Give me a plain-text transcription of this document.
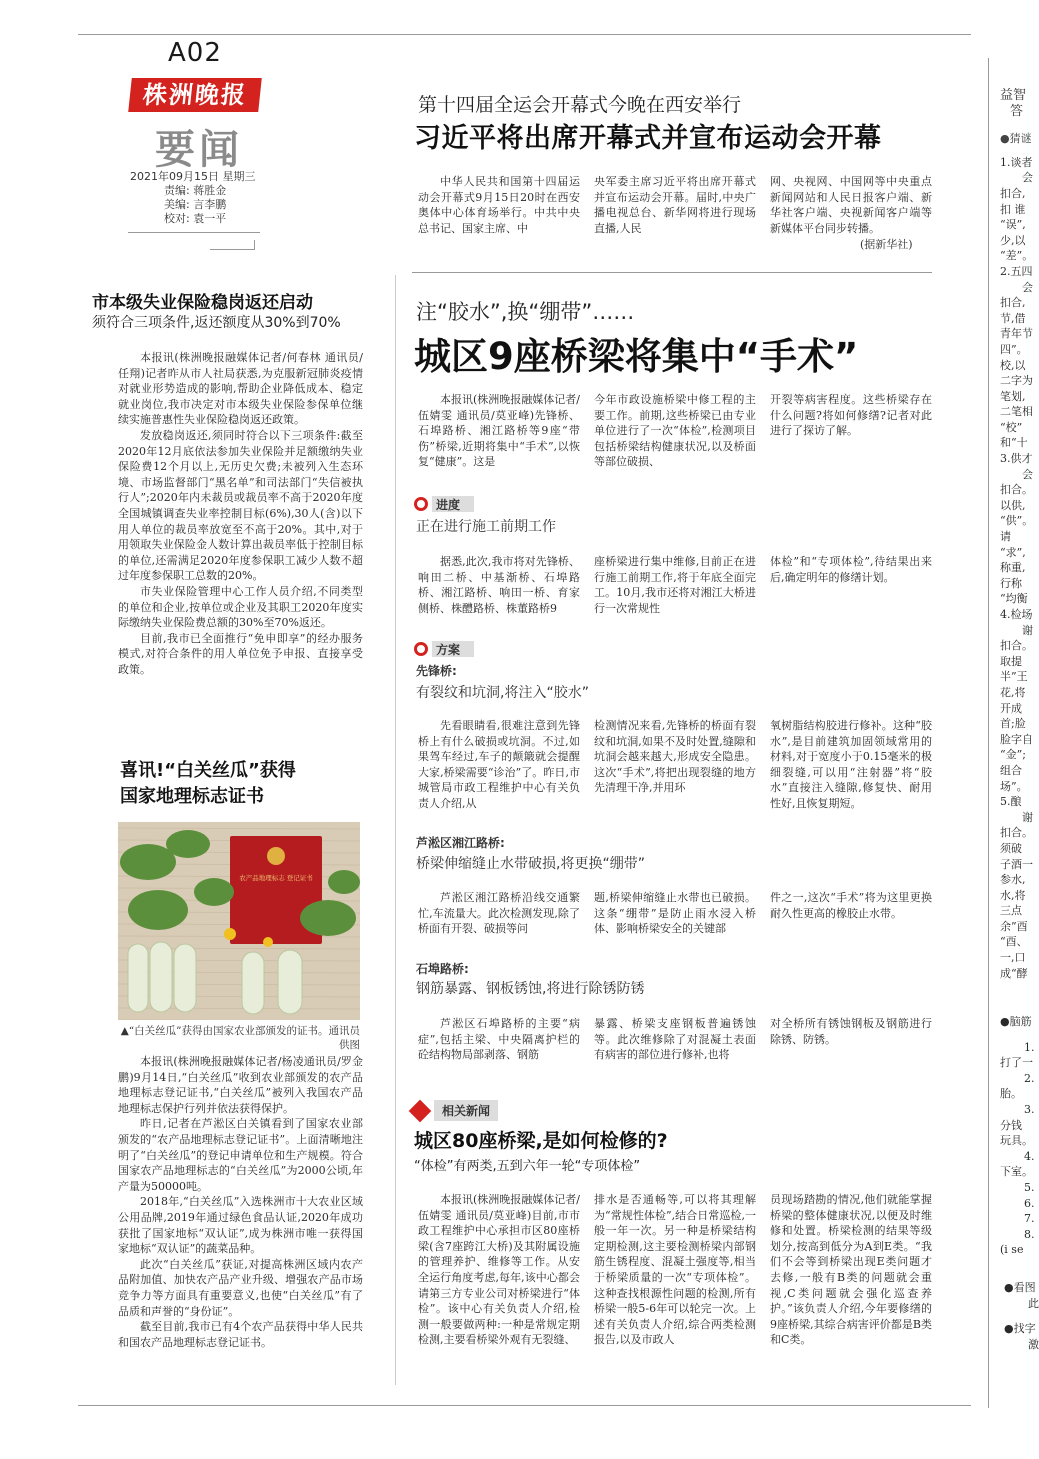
A02
株洲晚报
要闻
2021年09月15日 星期三
责编: 蒋胜金
美编: 言李鹏
校对: 袁一平
第十四届全运会开幕式今晚在西安举行
习近平将出席开幕式并宣布运动会开幕
中华人民共和国第十四届运动会开幕式9月15日20时在西安奥体中心体育场举行。中共中央总书记、国家主席、中
央军委主席习近平将出席开幕式并宣布运动会开幕。届时,中央广播电视总台、新华网将进行现场直播,人民
网、央视网、中国网等中央重点新闻网站和人民日报客户端、新华社客户端、央视新闻客户端等新媒体平台同步转播。
(据新华社)
注“胶水”,换“绷带”……
城区9座桥梁将集中“手术”
本报讯(株洲晚报融媒体记者/伍婧雯 通讯员/莫亚峰)先锋桥、石埠路桥、湘江路桥等9座“带伤”桥梁,近期将集中“手术”,以恢复“健康”。这是
今年市政设施桥梁中修工程的主要工作。前期,这些桥梁已由专业单位进行了一次“体检”,检测项目包括桥梁结构健康状况,以及桥面等部位破损、
开裂等病害程度。这些桥梁存在什么问题?将如何修缮?记者对此进行了探访了解。
进度
正在进行施工前期工作
据悉,此次,我市将对先锋桥、响田二桥、中基渐桥、石埠路桥、湘江路桥、响田一桥、育家侧桥、株醴路桥、株董路桥9
座桥梁进行集中维修,目前正在进行施工前期工作,将于年底全面完工。10月,我市还将对湘江大桥进行一次常规性
体检”和“专项体检”,待结果出来后,确定明年的修缮计划。
方案
先锋桥:
有裂纹和坑洞,将注入“胶水”
先看眼睛看,很难注意到先锋桥上有什么破损或坑洞。不过,如果驾车经过,车子的颠簸就会提醒大家,桥梁需要“诊治”了。昨日,市城管局市政工程维护中心有关负责人介绍,从
检测情况来看,先锋桥的桥面有裂纹和坑洞,如果不及时处置,缝隙和坑洞会越来越大,形成安全隐患。这次“手术”,将把出现裂缝的地方先清理干净,并用环
氧树脂结构胶进行修补。这种“胶水”,是目前建筑加固领域常用的材料,对于宽度小于0.15毫米的极细裂缝,可以用“注射器”将“胶水”直接注入缝隙,修复快、耐用性好,且恢复期短。
芦淞区湘江路桥:
桥梁伸缩缝止水带破损,将更换“绷带”
芦淞区湘江路桥沿线交通繁忙,车流量大。此次检测发现,除了桥面有开裂、破损等问
题,桥梁伸缩缝止水带也已破损。这条“绷带”是防止雨水浸入桥体、影响桥梁安全的关键部
件之一,这次“手术”将为这里更换耐久性更高的橡胶止水带。
石埠路桥:
钢筋暴露、钢板锈蚀,将进行除锈防锈
芦淞区石埠路桥的主要“病症”,包括主梁、中央隔离护栏的砼结构物局部剥落、钢筋
暴露、桥梁支座钢板普遍锈蚀等。此次维修除了对混凝土表面有病害的部位进行修补,也将
对全桥所有锈蚀钢板及钢筋进行除锈、防锈。
相关新闻
城区80座桥梁,是如何检修的?
“体检”有两类,五到六年一轮“专项体检”
本报讯(株洲晚报融媒体记者/伍婧雯 通讯员/莫亚峰)目前,市市政工程维护中心承担市区80座桥梁(含7座跨江大桥)及其附属设施的管理养护、维修等工作。从安全运行角度考虑,每年,该中心都会请第三方专业公司对桥梁进行“体检”。该中心有关负责人介绍,检测一般要做两种:一种是常规定期检测,主要看桥梁外观有无裂缝、
排水是否通畅等,可以将其理解为“常规性体检”,结合日常巡检,一般一年一次。另一种是桥梁结构定期检测,这主要检测桥梁内部钢筋生锈程度、混凝土强度等,相当于桥梁质量的一次“专项体检”。这种查找根源性问题的检测,所有桥梁一般5-6年可以轮完一次。上述有关负责人介绍,综合两类检测报告,以及市政人
员现场踏勘的情况,他们就能掌握桥梁的整体健康状况,以便及时维修和处置。桥梁检测的结果等级划分,按高到低分为A到E类。“我们不会等到桥梁出现E类问题才去修,一般有B类的问题就会重视,C类问题就会强化巡查养护。”该负责人介绍,今年要修缮的9座桥梁,其综合病害评价都是B类和C类。
市本级失业保险稳岗返还启动
须符合三项条件,返还额度从30%到70%

本报讯(株洲晚报融媒体记者/何春林 通讯员/任翔)记者昨从市人社局获悉,为克服新冠肺炎疫情对就业形势造成的影响,帮助企业降低成本、稳定就业岗位,我市决定对市本级失业保险参保单位继续实施普惠性失业保险稳岗返还政策。

发放稳岗返还,须同时符合以下三项条件:截至2020年12月底依法参加失业保险并足额缴纳失业保险费12个月以上,无历史欠费;未被列入生态环境、市场监督部门“黑名单”和司法部门“失信被执行人”;2020年内未裁员或裁员率不高于2020年度全国城镇调查失业率控制目标(6%),30人(含)以下用人单位的裁员率放宽至不高于20%。其中,对于用领取失业保险金人数计算出裁员率低于控制目标的单位,还需满足2020年度参保职工减少人数不超过年度参保职工总数的20%。

市失业保险管理中心工作人员介绍,不同类型的单位和企业,按单位或企业及其职工2020年度实际缴纳失业保险费总额的30%至70%返还。

目前,我市已全面推行“免申即享”的经办服务模式,对符合条件的用人单位免予申报、直接享受政策。

喜讯!“白关丝瓜”获得
国家地理标志证书
农产品地理标志 登记证书
▲“白关丝瓜”获得由国家农业部颁发的证书。通讯员供图

本报讯(株洲晚报融媒体记者/杨凌通讯员/罗金鹏)9月14日,“白关丝瓜”收到农业部颁发的农产品地理标志登记证书,“白关丝瓜”被列入我国农产品地理标志保护行列并依法获得保护。

昨日,记者在芦淞区白关镇看到了国家农业部颁发的“农产品地理标志登记证书”。上面清晰地注明了“白关丝瓜”的登记申请单位和生产规模。符合国家农产品地理标志的“白关丝瓜”为2000公顷,年产量为50000吨。

2018年,“白关丝瓜”入选株洲市十大农业区域公用品牌,2019年通过绿色食品认证,2020年成功获批了国家地标“双认证”,成为株洲市唯一获得国家地标“双认证”的蔬菜品种。

此次“白关丝瓜”获证,对提高株洲区域内农产品附加值、加快农产品产业升级、增强农产品市场竞争力等方面具有重要意义,也使“白关丝瓜”有了品质和声誉的“身份证”。

截至目前,我市已有4个农产品获得中华人民共和国农产品地理标志登记证书。

益智
答
●猜谜
1.谈者
会
扣合,
扣 谁
“误”,
少,以
“差”。
2.五四
会
扣合,
节,借
青年节
四”。
校,以
二字为
笔划,
二笔相
“校”
和“十
3.供才
会
扣合。
以供,
“供”。
请
“求”,
称重,
行称
“均衡
4.检场
谢
扣合。
取提
半”王
花,将
开成
首;脸
脸字自
“金”;
组合
场”。
5.酿
谢
扣合。
须破
子酒一
参水,
水,将
三点
余”酉
“酉、
一,口
成“酵
●脑筋
1.
打了一
2.
胎。
3.
分钱
玩具。
4.
下室。
5.
6.
7.
8.
(i se
●看图
此
●找字
激
